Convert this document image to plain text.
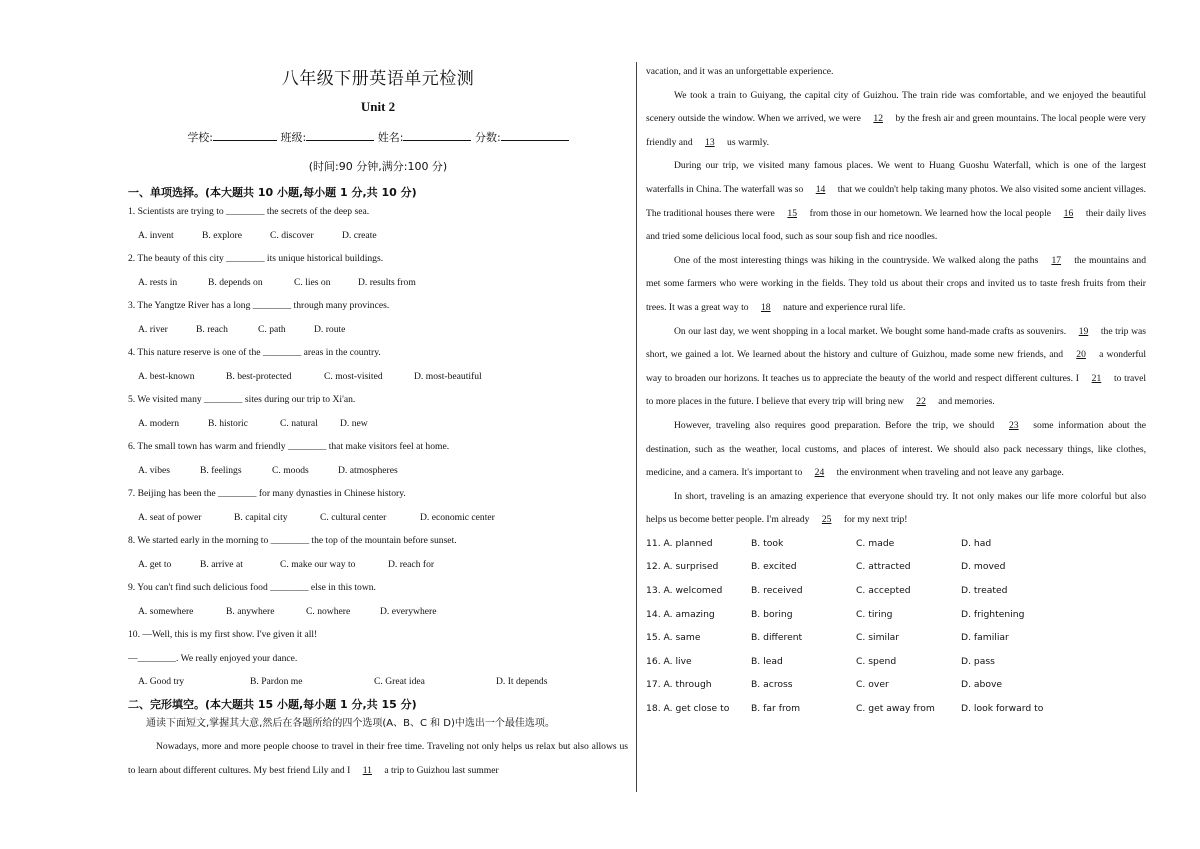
八年级下册英语单元检测
Unit 2
学校:	班级:	姓名:	分数:
(时间:90 分钟,满分:100 分)
一、单项选择。(本大题共 10 小题,每小题 1 分,共 10 分)
1. Scientists are trying to ________ the secrets of the deep sea.
A. invent	B. explore	C. discover	D. create
2. The beauty of this city ________ its unique historical buildings.
A. rests in	B. depends on	C. lies on	D. results from
3. The Yangtze River has a long ________ through many provinces.
A. river	B. reach	C. path	D. route
4. This nature reserve is one of the ________ areas in the country.
A. best-known	B. best-protected	C. most-visited	D. most-beautiful
5. We visited many ________ sites during our trip to Xi'an.
A. modern	B. historic	C. natural D. new
6. The small town has warm and friendly ________ that make visitors feel at home.
A. vibes	B. feelings	C. moods	D. atmospheres
7. Beijing has been the ________ for many dynasties in Chinese history.
A. seat of power	B. capital city	C. cultural center	D. economic center
8. We started early in the morning to ________ the top of the mountain before sunset.
A. get to	B. arrive at	C. make our way to	D. reach for
9. You can't find such delicious food ________ else in this town.
A. somewhere	B. anywhere	C. nowhere	D. everywhere
10. —Well, this is my first show. I've given it all!
—________. We really enjoyed your dance.
A. Good try	B. Pardon me	C. Great idea	D. It depends
二、完形填空。(本大题共 15 小题,每小题 1 分,共 15 分)
通读下面短文,掌握其大意,然后在各题所给的四个选项(A、B、C 和 D)中选出一个最佳选项。
Nowadays, more and more people choose to travel in their free time. Traveling not only helps us relax but also allows us to learn about different cultures. My best friend Lily and I 11 a trip to Guizhou last summer
vacation, and it was an unforgettable experience.
We took a train to Guiyang, the capital city of Guizhou. The train ride was comfortable, and we enjoyed the beautiful scenery outside the window. When we arrived, we were 12 by the fresh air and green mountains. The local people were very friendly and 13 us warmly.
During our trip, we visited many famous places. We went to Huang Guoshu Waterfall, which is one of the largest waterfalls in China. The waterfall was so 14 that we couldn't help taking many photos. We also visited some ancient villages. The traditional houses there were 15 from those in our hometown. We learned how the local people 16 their daily lives and tried some delicious local food, such as sour soup fish and rice noodles.
One of the most interesting things was hiking in the countryside. We walked along the paths 17 the mountains and met some farmers who were working in the fields. They told us about their crops and invited us to taste fresh fruits from their trees. It was a great way to 18 nature and experience rural life.
On our last day, we went shopping in a local market. We bought some hand-made crafts as souvenirs. 19 the trip was short, we gained a lot. We learned about the history and culture of Guizhou, made some new friends, and 20 a wonderful way to broaden our horizons. It teaches us to appreciate the beauty of the world and respect different cultures. I 21 to travel to more places in the future. I believe that every trip will bring new 22 and memories.
However, traveling also requires good preparation. Before the trip, we should 23 some information about the destination, such as the weather, local customs, and places of interest. We should also pack necessary things, like clothes, medicine, and a camera. It's important to 24 the environment when traveling and not leave any garbage.
In short, traveling is an amazing experience that everyone should try. It not only makes our life more colorful but also helps us become better people. I'm already 25 for my next trip!
11. A. planned	B. took	C. made	D. had
12. A. surprised	B. excited	C. attracted	D. moved
13. A. welcomed	B. received	C. accepted	D. treated
14. A. amazing	B. boring	C. tiring	D. frightening
15. A. same	B. different	C. similar	D. familiar
16. A. live	B. lead	C. spend	D. pass
17. A. through	B. across	C. over	D. above
18. A. get close to B. far from	C. get away from	D. look forward to
